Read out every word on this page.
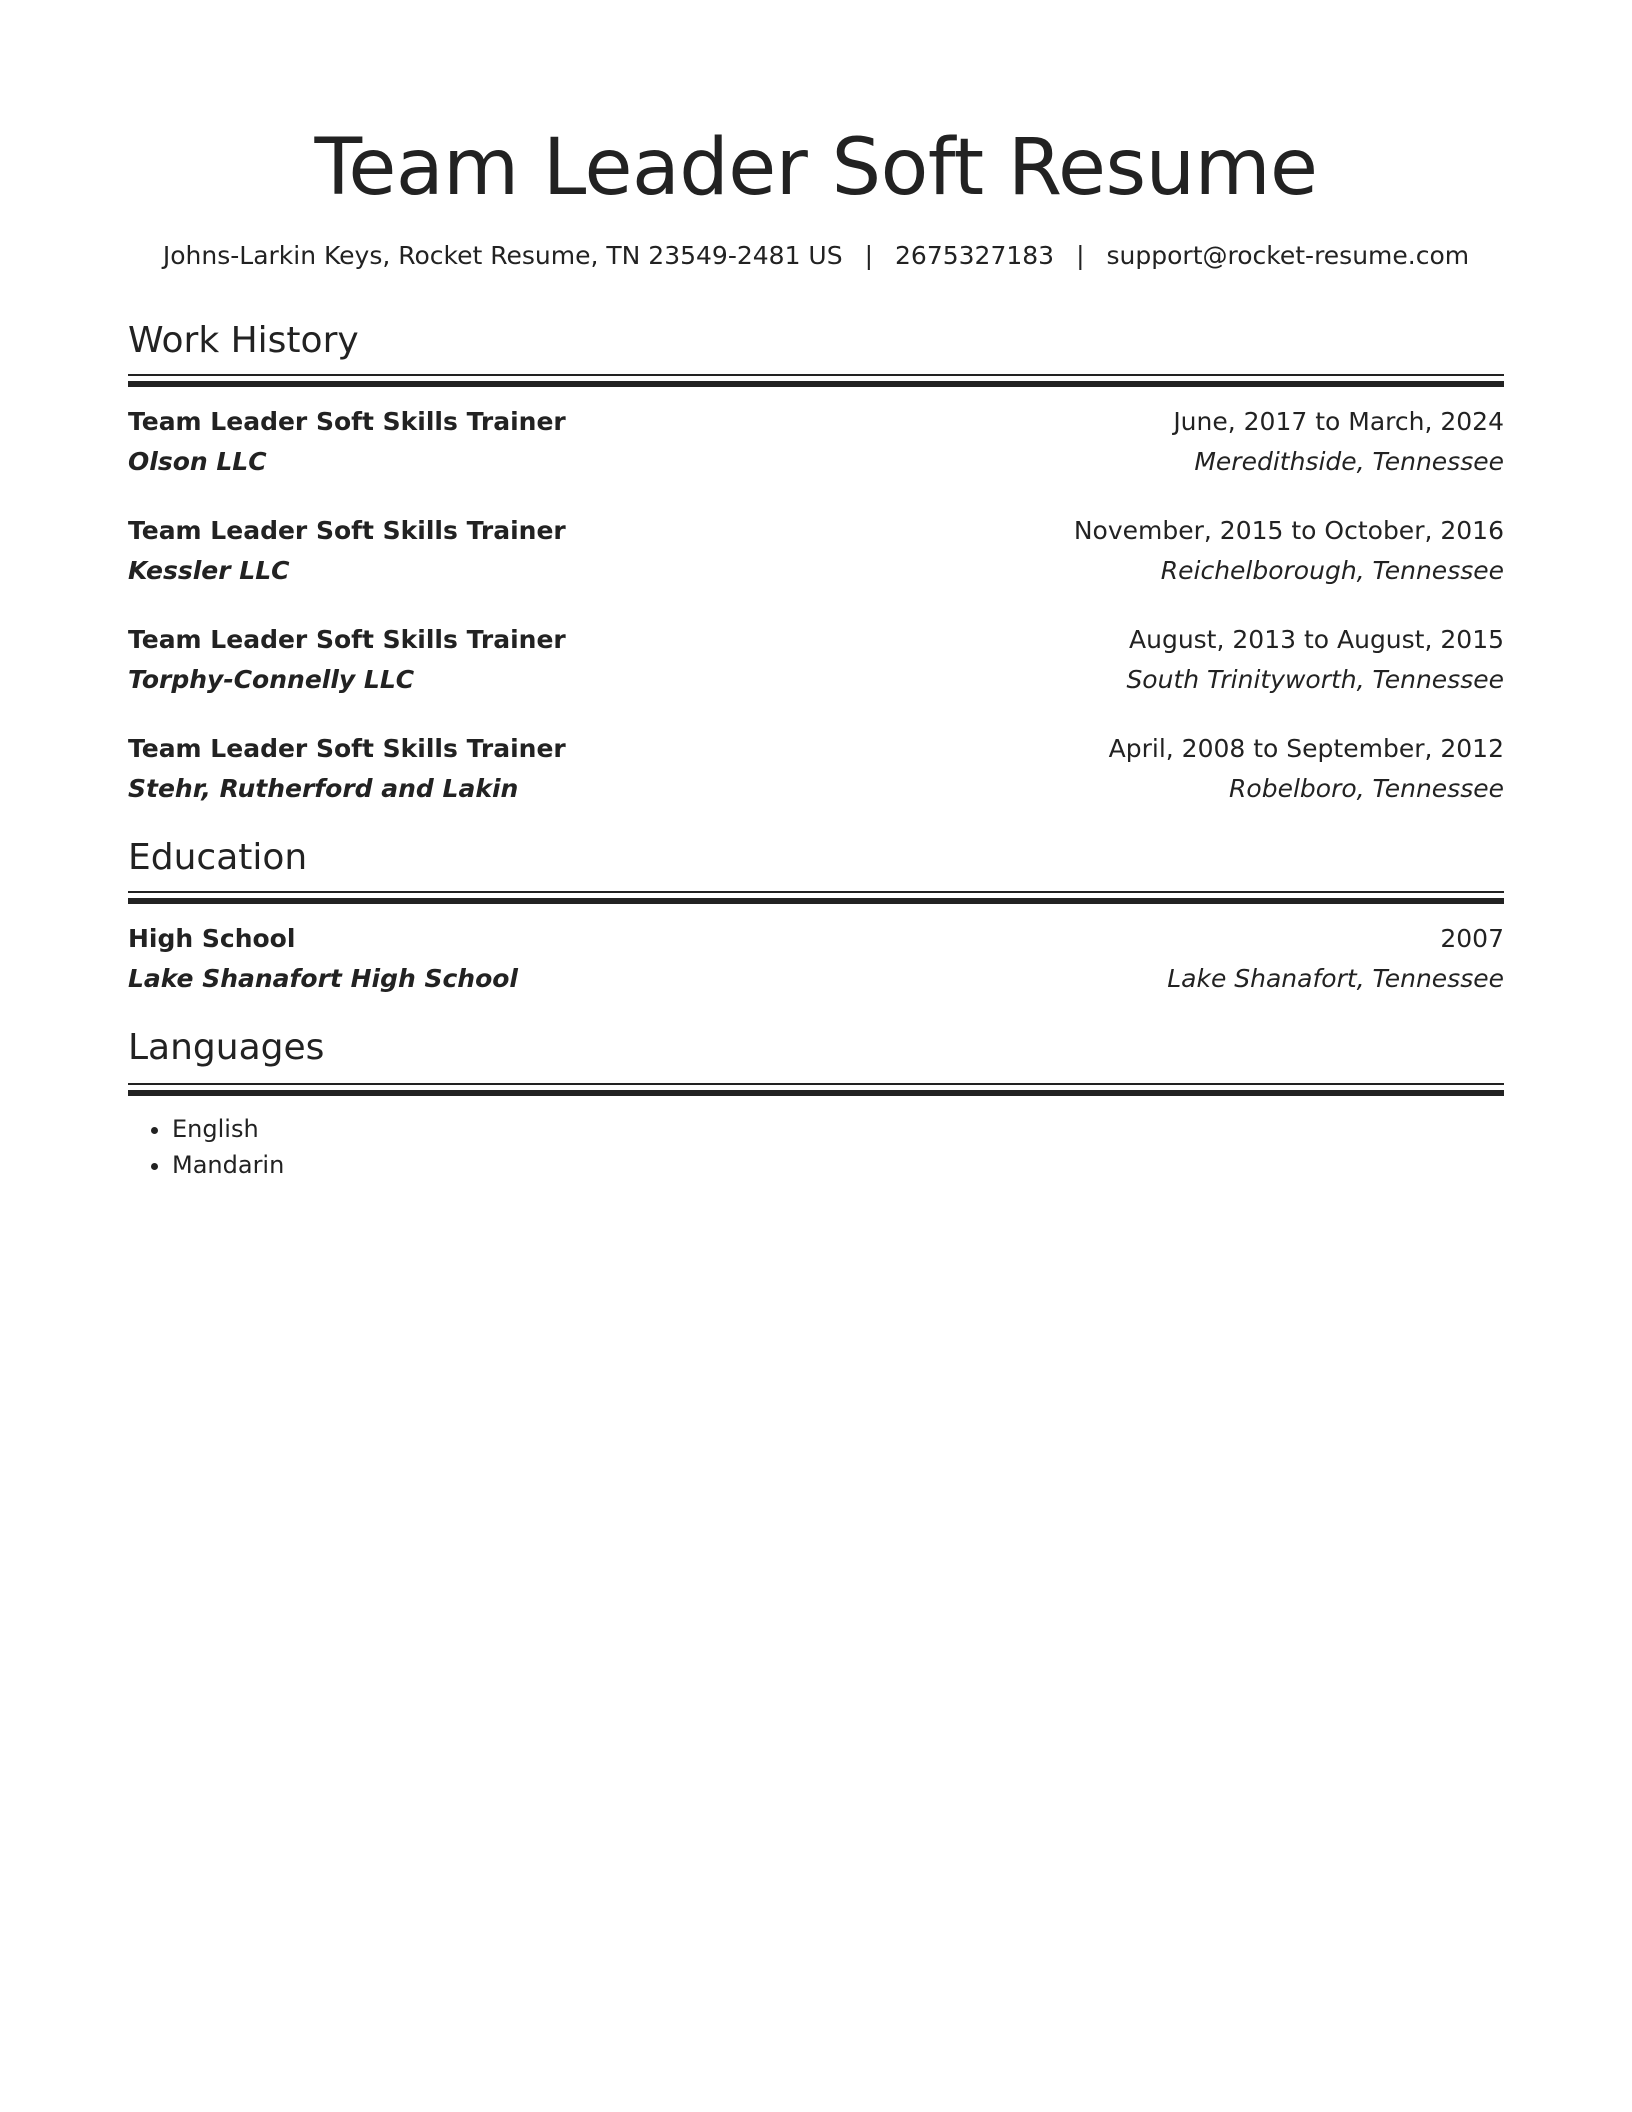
Team Leader Soft Resume
Johns-Larkin Keys, Rocket Resume, TN 23549-2481 US | 2675327183 | support@rocket-resume.com
Work History
Team Leader Soft Skills Trainer	June, 2017 to March, 2024
Olson LLC	Meredithside, Tennessee
Team Leader Soft Skills Trainer	November, 2015 to October, 2016
Kessler LLC	Reichelborough, Tennessee
Team Leader Soft Skills Trainer	August, 2013 to August, 2015
Torphy-Connelly LLC	South Trinityworth, Tennessee
Team Leader Soft Skills Trainer	April, 2008 to September, 2012
Stehr, Rutherford and Lakin	Robelboro, Tennessee
Education
High School	2007
Lake Shanafort High School	Lake Shanafort, Tennessee
Languages
• English
• Mandarin
